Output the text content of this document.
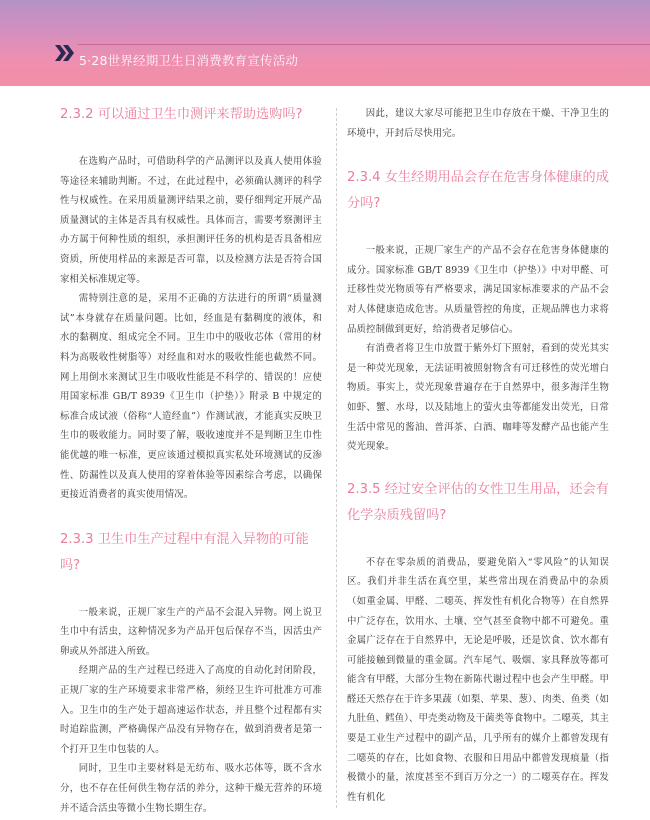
5·28世界经期卫生日消费教育宣传活动
2.3.2 可以通过卫生巾测评来帮助选购吗?

在选购产品时，可借助科学的产品测评以及真人使用体验等途径来辅助判断。不过，在此过程中，必须确认测评的科学性与权威性。在采用质量测评结果之前，要仔细判定开展产品质量测试的主体是否具有权威性。具体而言，需要考察测评主办方属于何种性质的组织，承担测评任务的机构是否具备相应资质，所使用样品的来源是否可靠，以及检测方法是否符合国家相关标准规定等。

需特别注意的是，采用不正确的方法进行的所谓“质量测试”本身就存在质量问题。比如，经血是有黏稠度的液体，和水的黏稠度、组成完全不同。卫生巾中的吸收芯体（常用的材料为高吸收性树脂等）对经血和对水的吸收性能也截然不同。网上用倒水来测试卫生巾吸收性能是不科学的、错误的！应使用国家标准 GB/T 8939《卫生巾（护垫）》附录 B 中规定的标准合成试液（俗称“人造经血”）作测试液，才能真实反映卫生巾的吸收能力。同时要了解，吸收速度并不是判断卫生巾性能优越的唯一标准，更应该通过模拟真实私处环境测试的反渗性、防漏性以及真人使用的穿着体验等因素综合考虑，以确保更接近消费者的真实使用情况。

2.3.3 卫生巾生产过程中有混入异物的可能吗?

一般来说，正规厂家生产的产品不会混入异物。网上说卫生巾中有活虫，这种情况多为产品开包后保存不当，因活虫产卵或从外部进入所致。

经期产品的生产过程已经进入了高度的自动化封闭阶段，正规厂家的生产环境要求非常严格，须经卫生许可批准方可准入。卫生巾的生产处于超高速运作状态，并且整个过程都有实时追踪监测，严格确保产品没有异物存在，做到消费者是第一个打开卫生巾包装的人。

同时，卫生巾主要材料是无纺布、吸水芯体等，既不含水分，也不存在任何供生物存活的养分，这种干燥无营养的环境并不适合活虫等微小生物长期生存。

因此，建议大家尽可能把卫生巾存放在干燥、干净卫生的环境中，开封后尽快用完。

2.3.4 女生经期用品会存在危害身体健康的成分吗?

一般来说，正规厂家生产的产品不会存在危害身体健康的成分。国家标准 GB/T 8939《卫生巾（护垫）》中对甲醛、可迁移性荧光物质等有严格要求，满足国家标准要求的产品不会对人体健康造成危害。从质量管控的角度，正规品牌也力求将品质控制做到更好，给消费者足够信心。

有消费者将卫生巾放置于紫外灯下照射，看到的荧光其实是一种荧光现象，无法证明被照射物含有可迁移性的荧光增白物质。事实上，荧光现象普遍存在于自然界中，很多海洋生物如虾、蟹、水母，以及陆地上的萤火虫等都能发出荧光，日常生活中常见的酱油、普洱茶、白酒、咖啡等发酵产品也能产生荧光现象。

2.3.5 经过安全评估的女性卫生用品，还会有化学杂质残留吗?

不存在零杂质的消费品，要避免陷入“零风险”的认知误区。我们并非生活在真空里，某些常出现在消费品中的杂质（如重金属、甲醛、二噁英、挥发性有机化合物等）在自然界中广泛存在，饮用水、土壤、空气甚至食物中都不可避免。重金属广泛存在于自然界中，无论是呼吸，还是饮食、饮水都有可能接触到微量的重金属。汽车尾气、吸烟、家具释放等都可能含有甲醛，大部分生物在新陈代谢过程中也会产生甲醛。甲醛还天然存在于许多果蔬（如梨、苹果、葱）、肉类、鱼类（如九肚鱼、鳕鱼）、甲壳类动物及干菌类等食物中。二噁英，其主要是工业生产过程中的副产品，几乎所有的媒介上都曾发现有二噁英的存在，比如食物、衣服和日用品中都曾发现痕量（指极微小的量，浓度甚至不到百万分之一）的二噁英存在。挥发性有机化
